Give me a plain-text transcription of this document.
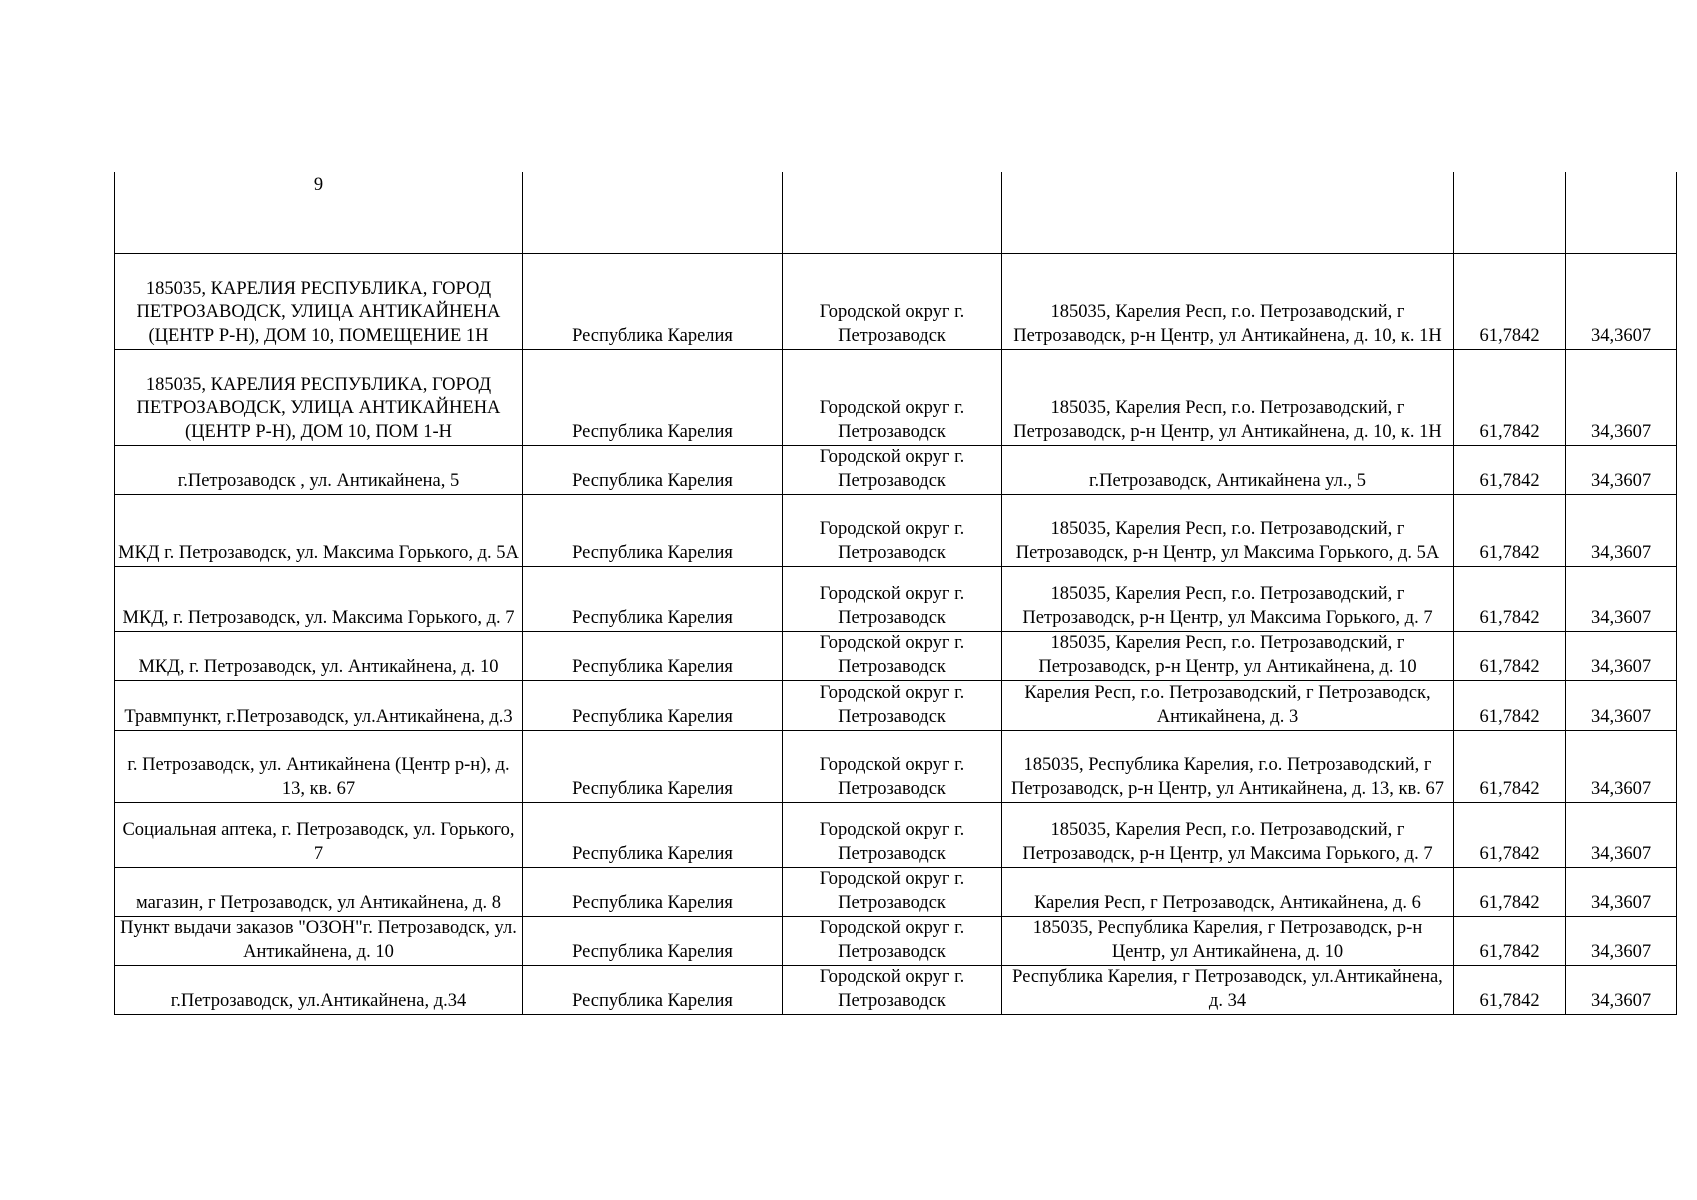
9					
185035, КАРЕЛИЯ РЕСПУБЛИКА, ГОРОД ПЕТРОЗАВОДСК, УЛИЦА АНТИКАЙНЕНА (ЦЕНТР Р-Н), ДОМ 10, ПОМЕЩЕНИЕ 1Н	Республика Карелия	Городской округ г. Петрозаводск	185035, Карелия Респ, г.о. Петрозаводский, г Петрозаводск, р-н Центр, ул Антикайнена, д. 10, к. 1Н	61,7842	34,3607
185035, КАРЕЛИЯ РЕСПУБЛИКА, ГОРОД ПЕТРОЗАВОДСК, УЛИЦА АНТИКАЙНЕНА (ЦЕНТР Р-Н), ДОМ 10, ПОМ 1-Н	Республика Карелия	Городской округ г. Петрозаводск	185035, Карелия Респ, г.о. Петрозаводский, г Петрозаводск, р-н Центр, ул Антикайнена, д. 10, к. 1Н	61,7842	34,3607
г.Петрозаводск , ул. Антикайнена, 5	Республика Карелия	Городской округ г. Петрозаводск	г.Петрозаводск, Антикайнена ул., 5	61,7842	34,3607
МКД г. Петрозаводск, ул. Максима Горького, д. 5А	Республика Карелия	Городской округ г. Петрозаводск	185035, Карелия Респ, г.о. Петрозаводский, г Петрозаводск, р-н Центр, ул Максима Горького, д. 5А	61,7842	34,3607
МКД, г. Петрозаводск, ул. Максима Горького, д. 7	Республика Карелия	Городской округ г. Петрозаводск	185035, Карелия Респ, г.о. Петрозаводский, г Петрозаводск, р-н Центр, ул Максима Горького, д. 7	61,7842	34,3607
МКД, г. Петрозаводск, ул. Антикайнена, д. 10	Республика Карелия	Городской округ г. Петрозаводск	185035, Карелия Респ, г.о. Петрозаводский, г Петрозаводск, р-н Центр, ул Антикайнена, д. 10	61,7842	34,3607
Травмпункт, г.Петрозаводск, ул.Антикайнена, д.3	Республика Карелия	Городской округ г. Петрозаводск	Карелия Респ, г.о. Петрозаводский, г Петрозаводск, Антикайнена, д. 3	61,7842	34,3607
г. Петрозаводск, ул. Антикайнена (Центр р-н), д. 13, кв. 67	Республика Карелия	Городской округ г. Петрозаводск	185035, Республика Карелия, г.о. Петрозаводский, г Петрозаводск, р-н Центр, ул Антикайнена, д. 13, кв. 67	61,7842	34,3607
Социальная аптека, г. Петрозаводск, ул. Горького, 7	Республика Карелия	Городской округ г. Петрозаводск	185035, Карелия Респ, г.о. Петрозаводский, г Петрозаводск, р-н Центр, ул Максима Горького, д. 7	61,7842	34,3607
магазин, г Петрозаводск, ул Антикайнена, д. 8	Республика Карелия	Городской округ г. Петрозаводск	Карелия Респ, г Петрозаводск, Антикайнена, д. 6	61,7842	34,3607
Пункт выдачи заказов "ОЗОН"г. Петрозаводск, ул. Антикайнена, д. 10	Республика Карелия	Городской округ г. Петрозаводск	185035, Республика Карелия, г Петрозаводск, р-н Центр, ул Антикайнена, д. 10	61,7842	34,3607
г.Петрозаводск, ул.Антикайнена, д.34	Республика Карелия	Городской округ г. Петрозаводск	Республика Карелия, г Петрозаводск, ул.Антикайнена, д. 34	61,7842	34,3607
